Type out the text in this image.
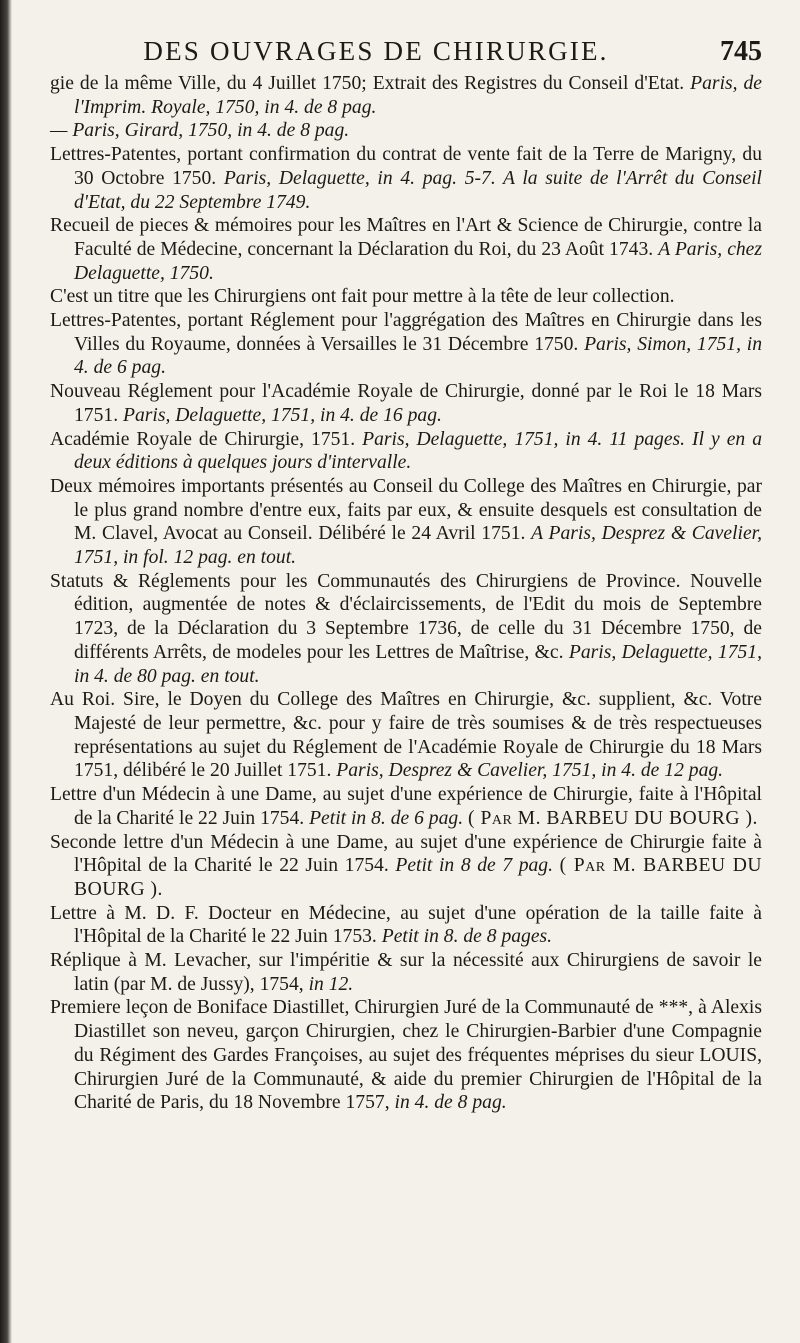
DES OUVRAGES DE CHIRURGIE.	745

gie de la même Ville, du 4 Juillet 1750; Extrait des Registres du Conseil d'Etat. Paris, de l'Imprim. Royale, 1750, in 4. de 8 pag.

— Paris, Girard, 1750, in 4. de 8 pag.

Lettres-Patentes, portant confirmation du contrat de vente fait de la Terre de Marigny, du 30 Octobre 1750. Paris, Delaguette, in 4. pag. 5-7. A la suite de l'Arrêt du Conseil d'Etat, du 22 Septembre 1749.

Recueil de pieces & mémoires pour les Maîtres en l'Art & Science de Chirurgie, contre la Faculté de Médecine, concernant la Déclaration du Roi, du 23 Août 1743. A Paris, chez Delaguette, 1750.

C'est un titre que les Chirurgiens ont fait pour mettre à la tête de leur collection.

Lettres-Patentes, portant Réglement pour l'aggrégation des Maîtres en Chirurgie dans les Villes du Royaume, données à Versailles le 31 Décembre 1750. Paris, Simon, 1751, in 4. de 6 pag.

Nouveau Réglement pour l'Académie Royale de Chirurgie, donné par le Roi le 18 Mars 1751. Paris, Delaguette, 1751, in 4. de 16 pag.

Académie Royale de Chirurgie, 1751. Paris, Delaguette, 1751, in 4. 11 pages. Il y en a deux éditions à quelques jours d'intervalle.

Deux mémoires importants présentés au Conseil du College des Maîtres en Chirurgie, par le plus grand nombre d'entre eux, faits par eux, & ensuite desquels est consultation de M. Clavel, Avocat au Conseil. Délibéré le 24 Avril 1751. A Paris, Desprez & Cavelier, 1751, in fol. 12 pag. en tout.

Statuts & Réglements pour les Communautés des Chirurgiens de Province. Nouvelle édition, augmentée de notes & d'éclaircissements, de l'Edit du mois de Septembre 1723, de la Déclaration du 3 Septembre 1736, de celle du 31 Décembre 1750, de différents Arrêts, de modeles pour les Lettres de Maîtrise, &c. Paris, Delaguette, 1751, in 4. de 80 pag. en tout.

Au Roi. Sire, le Doyen du College des Maîtres en Chirurgie, &c. supplient, &c. Votre Majesté de leur permettre, &c. pour y faire de très soumises & de très respectueuses représentations au sujet du Réglement de l'Académie Royale de Chirurgie du 18 Mars 1751, délibéré le 20 Juillet 1751. Paris, Desprez & Cavelier, 1751, in 4. de 12 pag.

Lettre d'un Médecin à une Dame, au sujet d'une expérience de Chirurgie, faite à l'Hôpital de la Charité le 22 Juin 1754. Petit in 8. de 6 pag. ( Par M. BARBEU DU BOURG ).

Seconde lettre d'un Médecin à une Dame, au sujet d'une expérience de Chirurgie faite à l'Hôpital de la Charité le 22 Juin 1754. Petit in 8 de 7 pag. ( Par M. BARBEU DU BOURG ).

Lettre à M. D. F. Docteur en Médecine, au sujet d'une opération de la taille faite à l'Hôpital de la Charité le 22 Juin 1753. Petit in 8. de 8 pages.

Réplique à M. Levacher, sur l'impéritie & sur la nécessité aux Chirurgiens de savoir le latin (par M. de Jussy), 1754, in 12.

Premiere leçon de Boniface Diastillet, Chirurgien Juré de la Communauté de ***, à Alexis Diastillet son neveu, garçon Chirurgien, chez le Chirurgien-Barbier d'une Compagnie du Régiment des Gardes Françoises, au sujet des fréquentes méprises du sieur LOUIS, Chirurgien Juré de la Communauté, & aide du premier Chirurgien de l'Hôpital de la Charité de Paris, du 18 Novembre 1757, in 4. de 8 pag.
